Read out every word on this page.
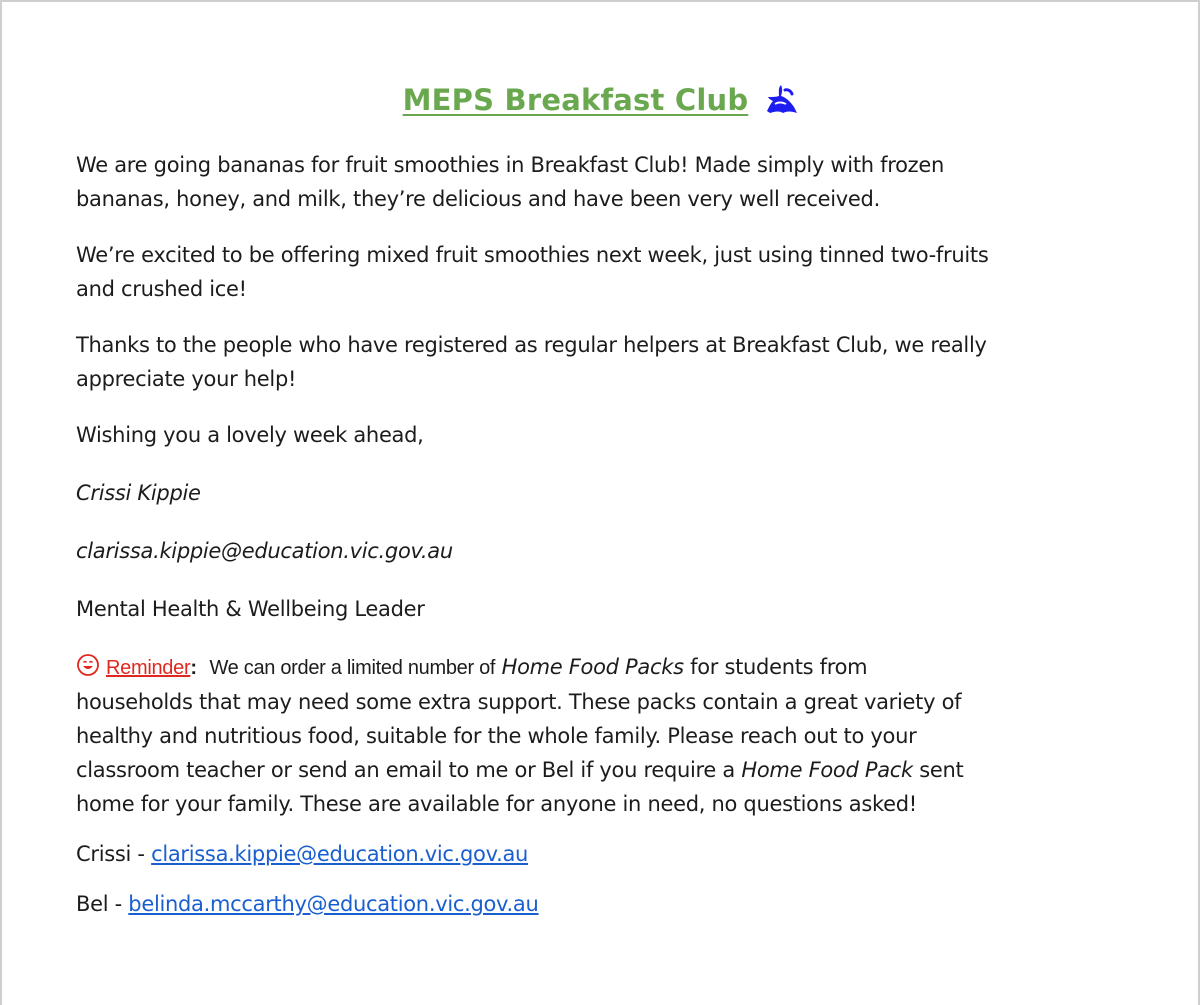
MEPS Breakfast Club
We are going bananas for fruit smoothies in Breakfast Club! Made simply with frozen
bananas, honey, and milk, they’re delicious and have been very well received.
We’re excited to be offering mixed fruit smoothies next week, just using tinned two-fruits
and crushed ice!
Thanks to the people who have registered as regular helpers at Breakfast Club, we really
appreciate your help!
Wishing you a lovely week ahead,
Crissi Kippie
clarissa.kippie@education.vic.gov.au
Mental Health & Wellbeing Leader
Reminder: We can order a limited number of Home Food Packs for students from
households that may need some extra support. These packs contain a great variety of
healthy and nutritious food, suitable for the whole family. Please reach out to your
classroom teacher or send an email to me or Bel if you require a Home Food Pack sent
home for your family. These are available for anyone in need, no questions asked!
Crissi - clarissa.kippie@education.vic.gov.au
Bel - belinda.mccarthy@education.vic.gov.au
